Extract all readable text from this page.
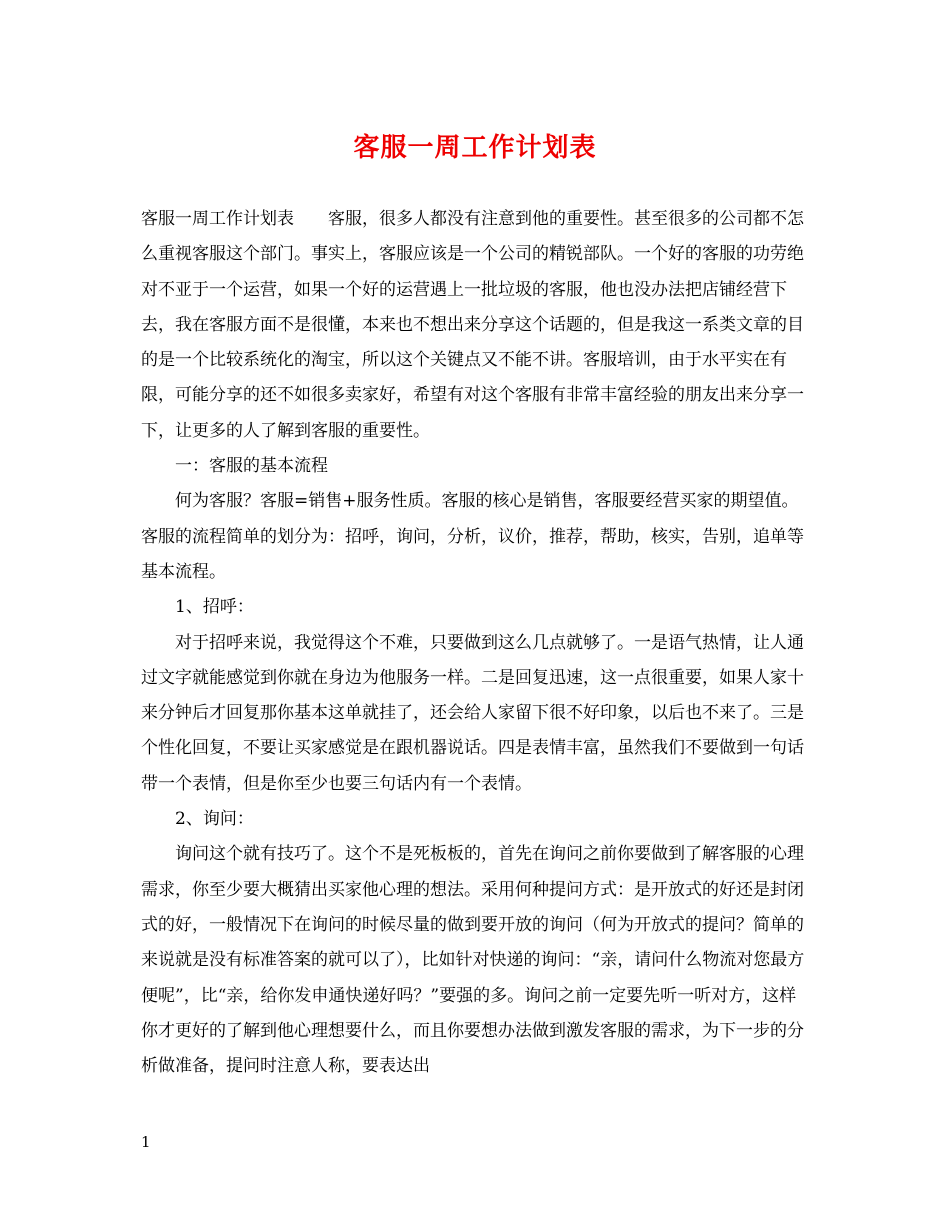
客服一周工作计划表

客服一周工作计划表　　客服，很多人都没有注意到他的重要性。甚至很多的公司都不怎么重视客服这个部门。事实上，客服应该是一个公司的精锐部队。一个好的客服的功劳绝对不亚于一个运营，如果一个好的运营遇上一批垃圾的客服，他也没办法把店铺经营下去，我在客服方面不是很懂，本来也不想出来分享这个话题的，但是我这一系类文章的目的是一个比较系统化的淘宝，所以这个关键点又不能不讲。客服培训，由于水平实在有限，可能分享的还不如很多卖家好，希望有对这个客服有非常丰富经验的朋友出来分享一下，让更多的人了解到客服的重要性。

一：客服的基本流程

何为客服？客服=销售+服务性质。客服的核心是销售，客服要经营买家的期望值。客服的流程简单的划分为：招呼，询问，分析，议价，推荐，帮助，核实，告别，追单等基本流程。

1、招呼：

对于招呼来说，我觉得这个不难，只要做到这么几点就够了。一是语气热情，让人通过文字就能感觉到你就在身边为他服务一样。二是回复迅速，这一点很重要，如果人家十来分钟后才回复那你基本这单就挂了，还会给人家留下很不好印象，以后也不来了。三是个性化回复，不要让买家感觉是在跟机器说话。四是表情丰富，虽然我们不要做到一句话带一个表情，但是你至少也要三句话内有一个表情。

2、询问：

询问这个就有技巧了。这个不是死板板的，首先在询问之前你要做到了解客服的心理需求，你至少要大概猜出买家他心理的想法。采用何种提问方式：是开放式的好还是封闭式的好，一般情况下在询问的时候尽量的做到要开放的询问（何为开放式的提问？简单的来说就是没有标准答案的就可以了），比如针对快递的询问：“亲，请问什么物流对您最方便呢”，比“亲，给你发申通快递好吗？”要强的多。询问之前一定要先听一听对方，这样你才更好的了解到他心理想要什么，而且你要想办法做到激发客服的需求，为下一步的分析做准备，提问时注意人称，要表达出

1
